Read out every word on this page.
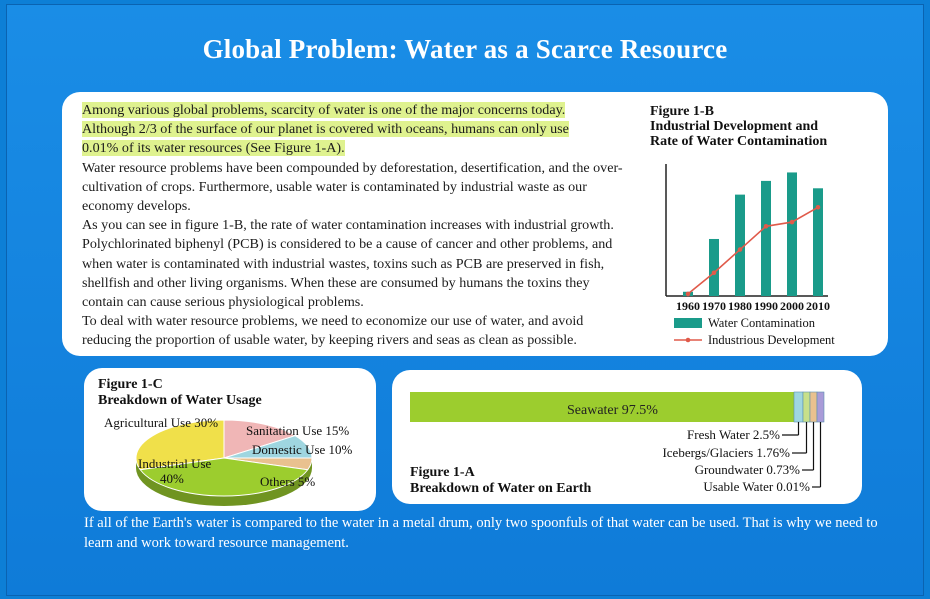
Global Problem: Water as a Scarce Resource

Among various global problems, scarcity of water is one of the major concerns today.
Although 2/3 of the surface of our planet is covered with oceans, humans can only use
0.01% of its water resources (See Figure 1-A).

Water resource problems have been compounded by deforestation, desertification, and the over-cultivation of crops. Furthermore, usable water is contaminated by industrial waste as our economy develops.

As you can see in figure 1-B, the rate of water contamination increases with industrial growth. Polychlorinated biphenyl (PCB) is considered to be a cause of cancer and other problems, and when water is contaminated with industrial wastes, toxins such as PCB are preserved in fish, shellfish and other living organisms. When these are consumed by humans the toxins they contain can cause serious physiological problems.

To deal with water resource problems, we need to economize our use of water, and avoid reducing the proportion of usable water, by keeping rivers and seas as clean as possible.

Figure 1-B
Industrial Development and
Rate of Water Contamination
1960 1970 1980 1990 2000 2010
Water Contamination
Industrious Development
Figure 1-C
Breakdown of Water Usage
Agricultural Use 30%
Sanitation Use 15%
Domestic Use 10%
Others 5%
Industrial Use
40%
Seawater 97.5%
Fresh Water 2.5%
Icebergs/Glaciers 1.76%
Groundwater 0.73%
Usable Water 0.01%
Figure 1-A
Breakdown of Water on Earth
If all of the Earth's water is compared to the water in a metal drum, only two spoonfuls of that water can be used. That is why we need to learn and work toward resource management.
